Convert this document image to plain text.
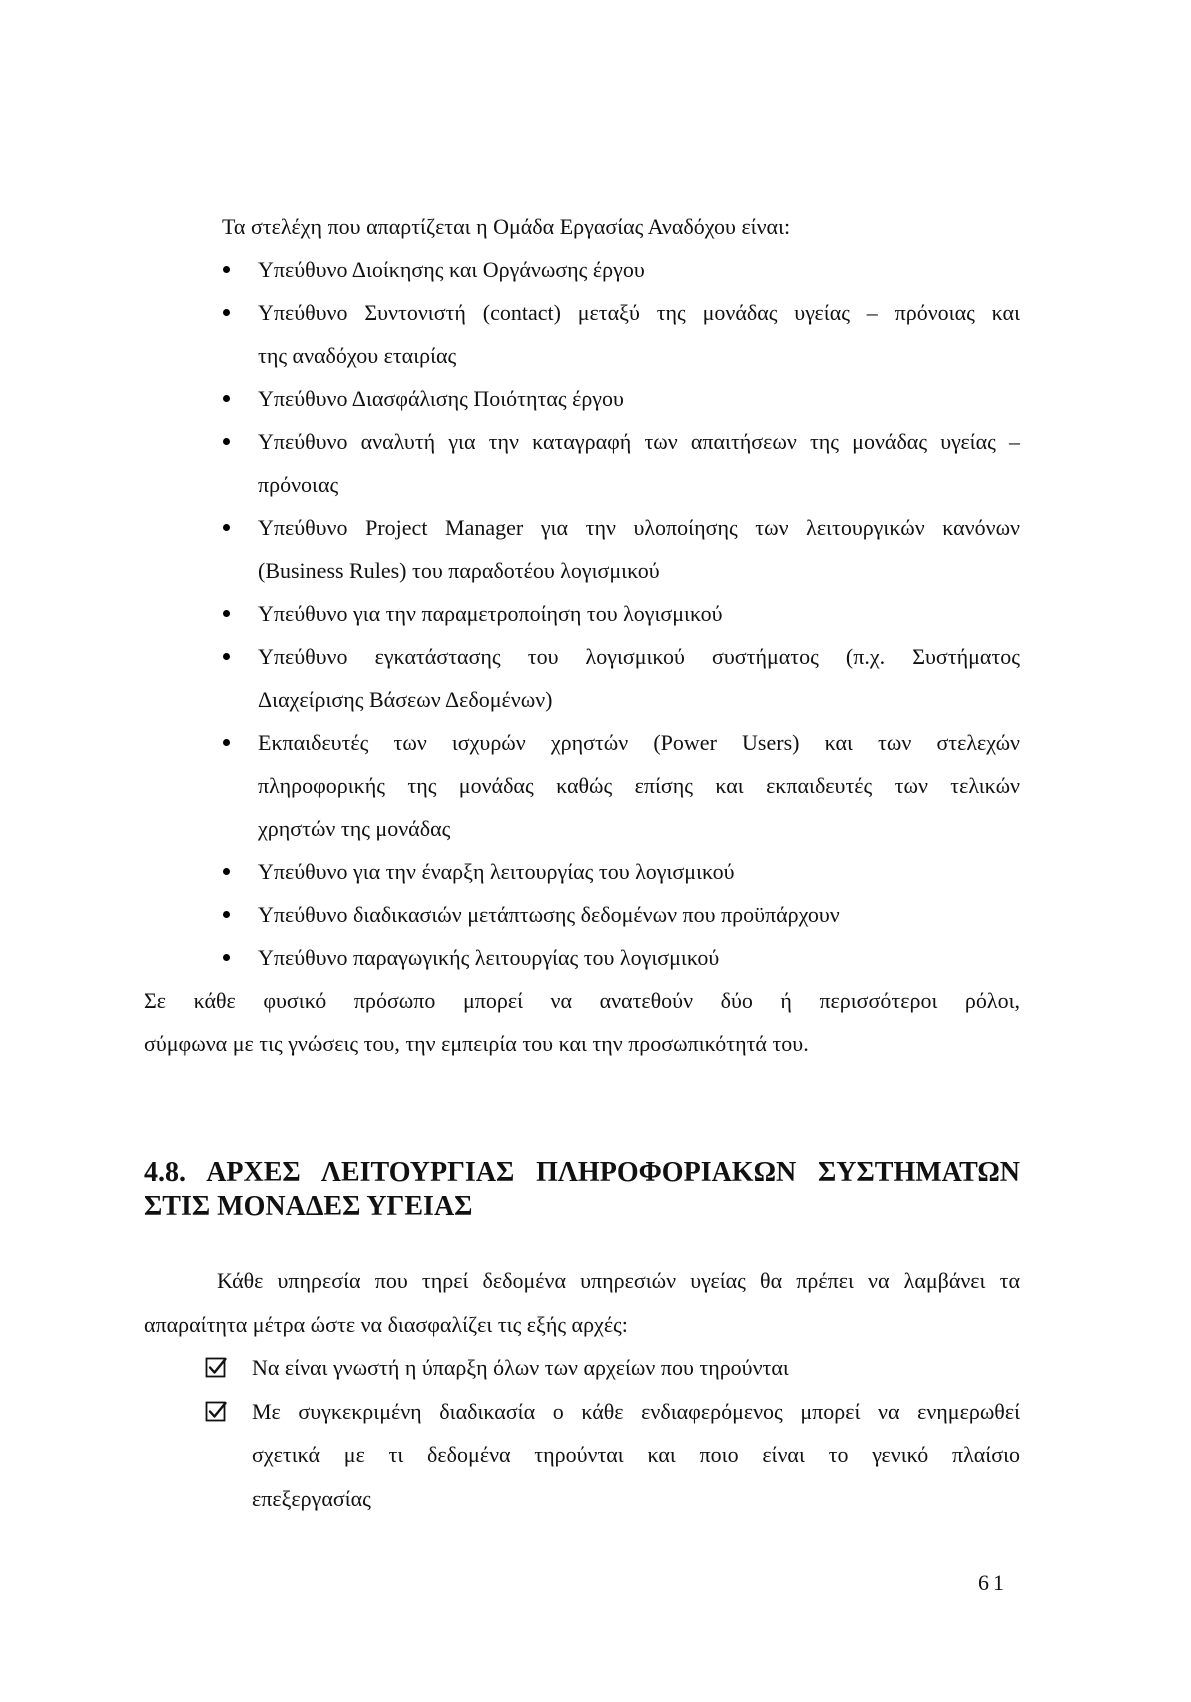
Τα στελέχη που απαρτίζεται η Ομάδα Εργασίας Αναδόχου είναι:
Υπεύθυνο Διοίκησης και Οργάνωσης έργου
Υπεύθυνο Συντονιστή (contact) μεταξύ της μονάδας υγείας – πρόνοιας και
της αναδόχου εταιρίας
Υπεύθυνο Διασφάλισης Ποιότητας έργου
Υπεύθυνο αναλυτή για την καταγραφή των απαιτήσεων της μονάδας υγείας –
πρόνοιας
Υπεύθυνο Project Manager για την υλοποίησης των λειτουργικών κανόνων
(Business Rules) του παραδοτέου λογισμικού
Υπεύθυνο για την παραμετροποίηση του λογισμικού
Υπεύθυνο εγκατάστασης του λογισμικού συστήματος (π.χ. Συστήματος
Διαχείρισης Βάσεων Δεδομένων)
Εκπαιδευτές των ισχυρών χρηστών (Power Users) και των στελεχών
πληροφορικής της μονάδας καθώς επίσης και εκπαιδευτές των τελικών
χρηστών της μονάδας
Υπεύθυνο για την έναρξη λειτουργίας του λογισμικού
Υπεύθυνο διαδικασιών μετάπτωσης δεδομένων που προϋπάρχουν
Υπεύθυνο παραγωγικής λειτουργίας του λογισμικού
Σε κάθε φυσικό πρόσωπο μπορεί να ανατεθούν δύο ή περισσότεροι ρόλοι,
σύμφωνα με τις γνώσεις του, την εμπειρία του και την προσωπικότητά του.
4.8. ΑΡΧΕΣ ΛΕΙΤΟΥΡΓΙΑΣ ΠΛΗΡΟΦΟΡΙΑΚΩΝ ΣΥΣΤΗΜΑΤΩΝ
ΣΤΙΣ ΜΟΝΑΔΕΣ ΥΓΕΙΑΣ
Κάθε υπηρεσία που τηρεί δεδομένα υπηρεσιών υγείας θα πρέπει να λαμβάνει τα
απαραίτητα μέτρα ώστε να διασφαλίζει τις εξής αρχές:
Να είναι γνωστή η ύπαρξη όλων των αρχείων που τηρούνται
Με συγκεκριμένη διαδικασία ο κάθε ενδιαφερόμενος μπορεί να ενημερωθεί
σχετικά με τι δεδομένα τηρούνται και ποιο είναι το γενικό πλαίσιο
επεξεργασίας
61
